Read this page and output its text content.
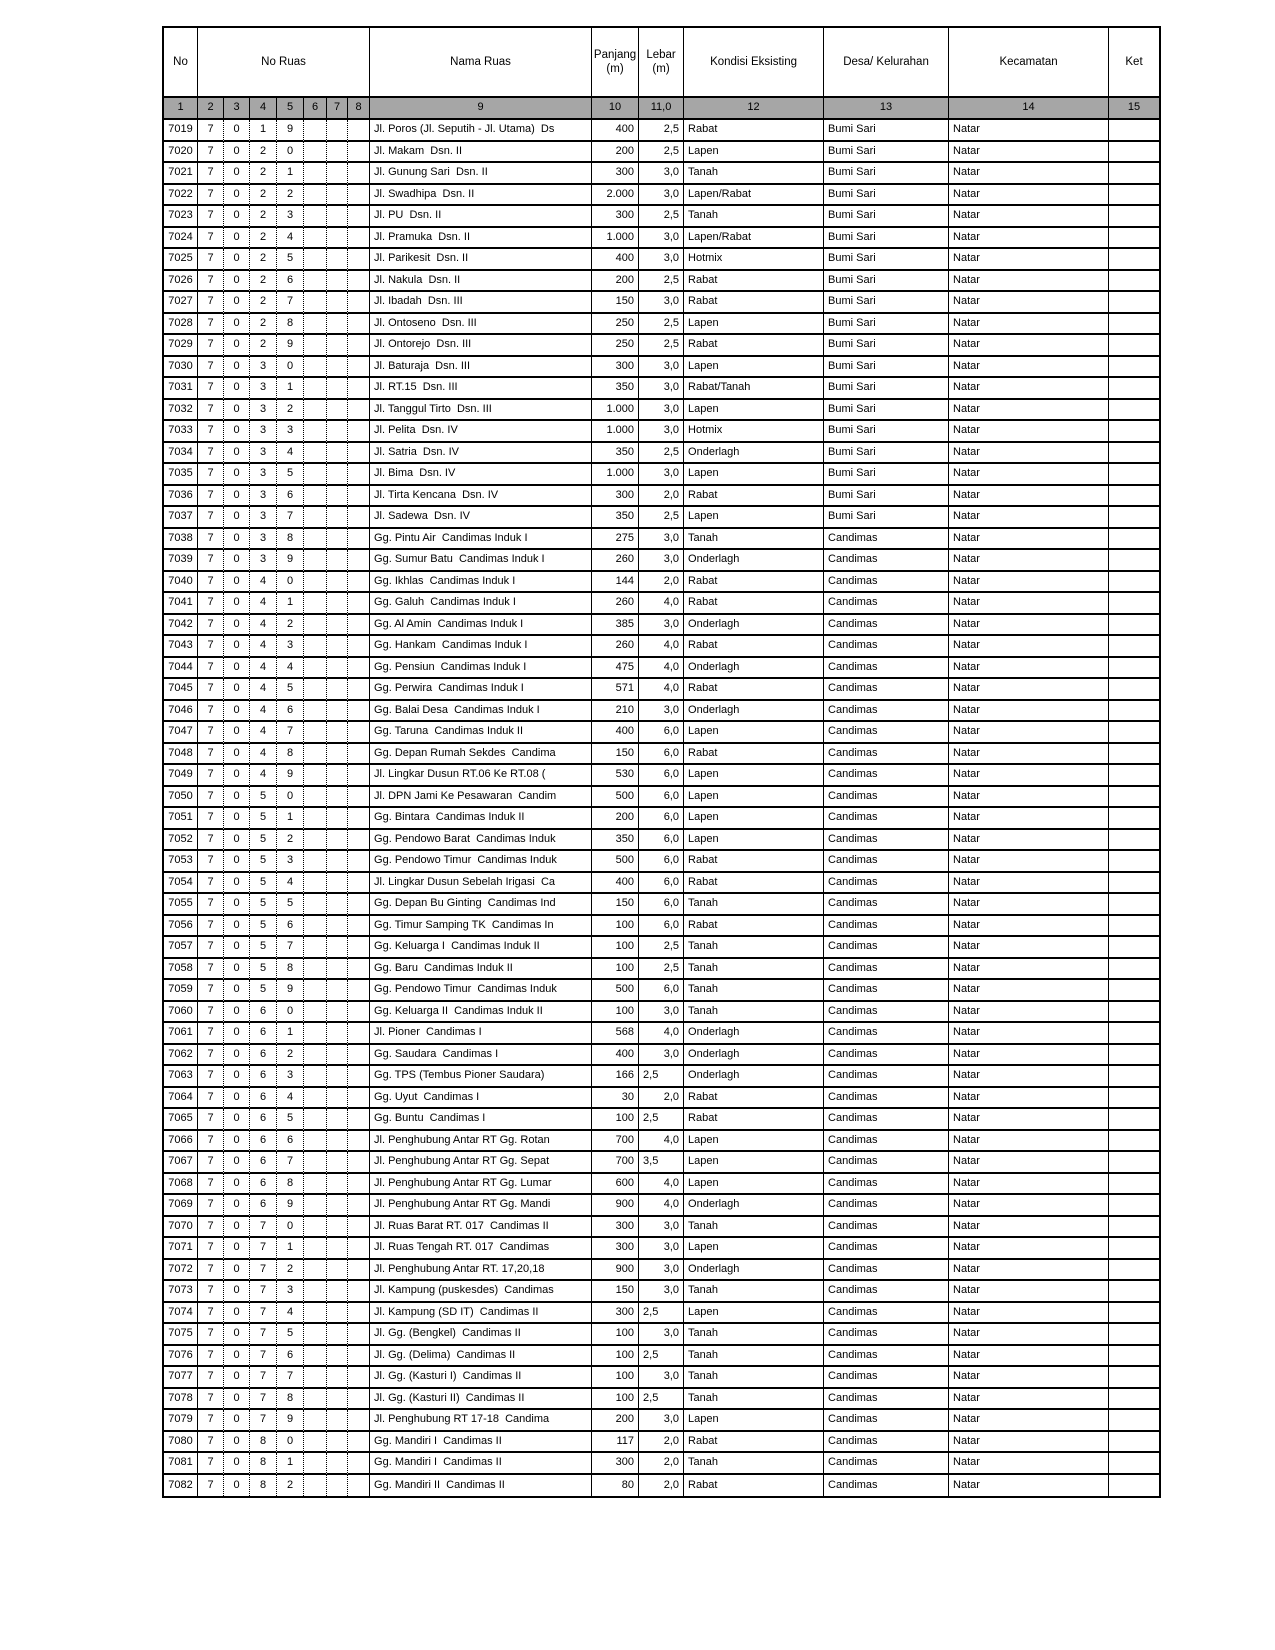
No	No Ruas							Nama Ruas	Panjang (m)	Lebar (m)	Kondisi Eksisting	Desa/ Kelurahan	Kecamatan	Ket
1	2	3	4	5	6	7	8	9	10	11,0	12	13	14	15
7019	7	0	1	9				Jl. Poros (Jl. Seputih - Jl. Utama)  Ds	400	2,5	Rabat	Bumi Sari	Natar	
7020	7	0	2	0				Jl. Makam  Dsn. II	200	2,5	Lapen	Bumi Sari	Natar	
7021	7	0	2	1				Jl. Gunung Sari  Dsn. II	300	3,0	Tanah	Bumi Sari	Natar	
7022	7	0	2	2				Jl. Swadhipa  Dsn. II	2.000	3,0	Lapen/Rabat	Bumi Sari	Natar	
7023	7	0	2	3				Jl. PU  Dsn. II	300	2,5	Tanah	Bumi Sari	Natar	
7024	7	0	2	4				Jl. Pramuka  Dsn. II	1.000	3,0	Lapen/Rabat	Bumi Sari	Natar	
7025	7	0	2	5				Jl. Parikesit  Dsn. II	400	3,0	Hotmix	Bumi Sari	Natar	
7026	7	0	2	6				Jl. Nakula  Dsn. II	200	2,5	Rabat	Bumi Sari	Natar	
7027	7	0	2	7				Jl. Ibadah  Dsn. III	150	3,0	Rabat	Bumi Sari	Natar	
7028	7	0	2	8				Jl. Ontoseno  Dsn. III	250	2,5	Lapen	Bumi Sari	Natar	
7029	7	0	2	9				Jl. Ontorejo  Dsn. III	250	2,5	Rabat	Bumi Sari	Natar	
7030	7	0	3	0				Jl. Baturaja  Dsn. III	300	3,0	Lapen	Bumi Sari	Natar	
7031	7	0	3	1				Jl. RT.15  Dsn. III	350	3,0	Rabat/Tanah	Bumi Sari	Natar	
7032	7	0	3	2				Jl. Tanggul Tirto  Dsn. III	1.000	3,0	Lapen	Bumi Sari	Natar	
7033	7	0	3	3				Jl. Pelita  Dsn. IV	1.000	3,0	Hotmix	Bumi Sari	Natar	
7034	7	0	3	4				Jl. Satria  Dsn. IV	350	2,5	Onderlagh	Bumi Sari	Natar	
7035	7	0	3	5				Jl. Bima  Dsn. IV	1.000	3,0	Lapen	Bumi Sari	Natar	
7036	7	0	3	6				Jl. Tirta Kencana  Dsn. IV	300	2,0	Rabat	Bumi Sari	Natar	
7037	7	0	3	7				Jl. Sadewa  Dsn. IV	350	2,5	Lapen	Bumi Sari	Natar	
7038	7	0	3	8				Gg. Pintu Air  Candimas Induk I	275	3,0	Tanah	Candimas	Natar	
7039	7	0	3	9				Gg. Sumur Batu  Candimas Induk I	260	3,0	Onderlagh	Candimas	Natar	
7040	7	0	4	0				Gg. Ikhlas  Candimas Induk I	144	2,0	Rabat	Candimas	Natar	
7041	7	0	4	1				Gg. Galuh  Candimas Induk I	260	4,0	Rabat	Candimas	Natar	
7042	7	0	4	2				Gg. Al Amin  Candimas Induk I	385	3,0	Onderlagh	Candimas	Natar	
7043	7	0	4	3				Gg. Hankam  Candimas Induk I	260	4,0	Rabat	Candimas	Natar	
7044	7	0	4	4				Gg. Pensiun  Candimas Induk I	475	4,0	Onderlagh	Candimas	Natar	
7045	7	0	4	5				Gg. Perwira  Candimas Induk I	571	4,0	Rabat	Candimas	Natar	
7046	7	0	4	6				Gg. Balai Desa  Candimas Induk I	210	3,0	Onderlagh	Candimas	Natar	
7047	7	0	4	7				Gg. Taruna  Candimas Induk II	400	6,0	Lapen	Candimas	Natar	
7048	7	0	4	8				Gg. Depan Rumah Sekdes  Candima	150	6,0	Rabat	Candimas	Natar	
7049	7	0	4	9				Jl. Lingkar Dusun RT.06 Ke RT.08 (	530	6,0	Lapen	Candimas	Natar	
7050	7	0	5	0				Jl. DPN Jami Ke Pesawaran  Candim	500	6,0	Lapen	Candimas	Natar	
7051	7	0	5	1				Gg. Bintara  Candimas Induk II	200	6,0	Lapen	Candimas	Natar	
7052	7	0	5	2				Gg. Pendowo Barat  Candimas Induk	350	6,0	Lapen	Candimas	Natar	
7053	7	0	5	3				Gg. Pendowo Timur  Candimas Induk	500	6,0	Rabat	Candimas	Natar	
7054	7	0	5	4				Jl. Lingkar Dusun Sebelah Irigasi  Ca	400	6,0	Rabat	Candimas	Natar	
7055	7	0	5	5				Gg. Depan Bu Ginting  Candimas Ind	150	6,0	Tanah	Candimas	Natar	
7056	7	0	5	6				Gg. Timur Samping TK  Candimas In	100	6,0	Rabat	Candimas	Natar	
7057	7	0	5	7				Gg. Keluarga I  Candimas Induk II	100	2,5	Tanah	Candimas	Natar	
7058	7	0	5	8				Gg. Baru  Candimas Induk II	100	2,5	Tanah	Candimas	Natar	
7059	7	0	5	9				Gg. Pendowo Timur  Candimas Induk	500	6,0	Tanah	Candimas	Natar	
7060	7	0	6	0				Gg. Keluarga II  Candimas Induk II	100	3,0	Tanah	Candimas	Natar	
7061	7	0	6	1				Jl. Pioner  Candimas I	568	4,0	Onderlagh	Candimas	Natar	
7062	7	0	6	2				Gg. Saudara  Candimas I	400	3,0	Onderlagh	Candimas	Natar	
7063	7	0	6	3				Gg. TPS (Tembus Pioner Saudara)	166	2,5	Onderlagh	Candimas	Natar	
7064	7	0	6	4				Gg. Uyut  Candimas I	30	2,0	Rabat	Candimas	Natar	
7065	7	0	6	5				Gg. Buntu  Candimas I	100	2,5	Rabat	Candimas	Natar	
7066	7	0	6	6				Jl. Penghubung Antar RT Gg. Rotan	700	4,0	Lapen	Candimas	Natar	
7067	7	0	6	7				Jl. Penghubung Antar RT Gg. Sepat	700	3,5	Lapen	Candimas	Natar	
7068	7	0	6	8				Jl. Penghubung Antar RT Gg. Lumar	600	4,0	Lapen	Candimas	Natar	
7069	7	0	6	9				Jl. Penghubung Antar RT Gg. Mandi	900	4,0	Onderlagh	Candimas	Natar	
7070	7	0	7	0				Jl. Ruas Barat RT. 017  Candimas II	300	3,0	Tanah	Candimas	Natar	
7071	7	0	7	1				Jl. Ruas Tengah RT. 017  Candimas	300	3,0	Lapen	Candimas	Natar	
7072	7	0	7	2				Jl. Penghubung Antar RT. 17,20,18	900	3,0	Onderlagh	Candimas	Natar	
7073	7	0	7	3				Jl. Kampung (puskesdes)  Candimas	150	3,0	Tanah	Candimas	Natar	
7074	7	0	7	4				Jl. Kampung (SD IT)  Candimas II	300	2,5	Lapen	Candimas	Natar	
7075	7	0	7	5				Jl. Gg. (Bengkel)  Candimas II	100	3,0	Tanah	Candimas	Natar	
7076	7	0	7	6				Jl. Gg. (Delima)  Candimas II	100	2,5	Tanah	Candimas	Natar	
7077	7	0	7	7				Jl. Gg. (Kasturi I)  Candimas II	100	3,0	Tanah	Candimas	Natar	
7078	7	0	7	8				Jl. Gg. (Kasturi II)  Candimas II	100	2,5	Tanah	Candimas	Natar	
7079	7	0	7	9				Jl. Penghubung RT 17-18  Candima	200	3,0	Lapen	Candimas	Natar	
7080	7	0	8	0				Gg. Mandiri I  Candimas II	117	2,0	Rabat	Candimas	Natar	
7081	7	0	8	1				Gg. Mandiri I  Candimas II	300	2,0	Tanah	Candimas	Natar	
7082	7	0	8	2				Gg. Mandiri II  Candimas II	80	2,0	Rabat	Candimas	Natar	
